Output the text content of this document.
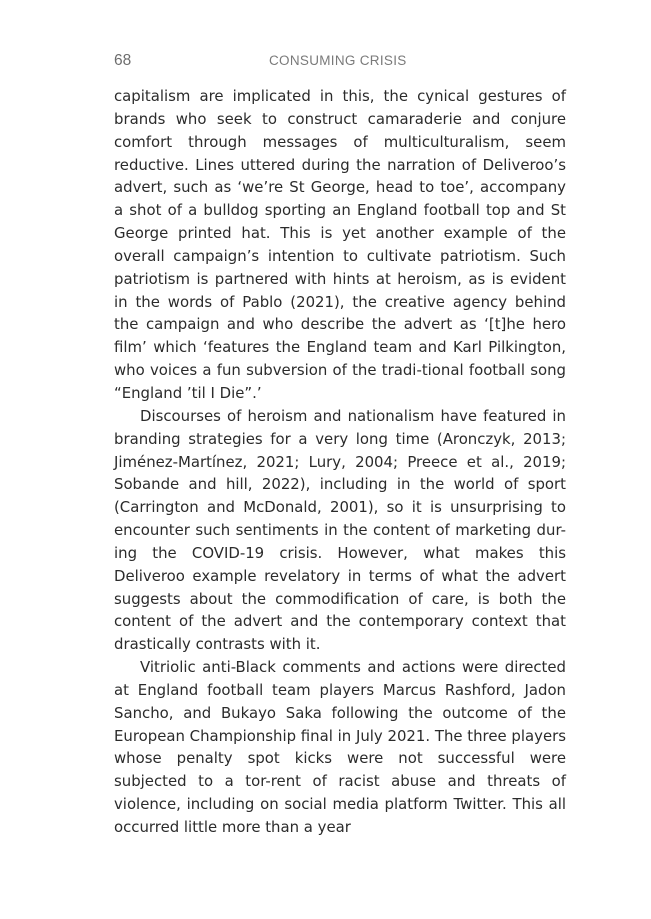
68	CONSUMING CRISIS

capitalism are implicated in this, the cynical gestures of brands who seek to construct camaraderie and conjure comfort through messages of multiculturalism, seem reductive. Lines uttered during the narration of Deliveroo’s advert, such as ‘we’re St George, head to toe’, accompany a shot of a bulldog sporting an England football top and St George printed hat. This is yet another example of the overall campaign’s intention to cultivate patriotism. Such patriotism is partnered with hints at heroism, as is evident in the words of Pablo (2021), the creative agency behind the campaign and who describe the advert as ‘[t]he hero film’ which ‘features the England team and Karl Pilkington, who voices a fun subversion of the tradi-tional football song “England ’til I Die”.’

Discourses of heroism and nationalism have featured in branding strategies for a very long time (Aronczyk, 2013; Jiménez-Martínez, 2021; Lury, 2004; Preece et al., 2019; Sobande and hill, 2022), including in the world of sport (Carrington and McDonald, 2001), so it is unsurprising to encounter such sentiments in the content of marketing dur-ing the COVID-19 crisis. However, what makes this Deliveroo example revelatory in terms of what the advert suggests about the commodification of care, is both the content of the advert and the contemporary context that drastically contrasts with it.

Vitriolic anti-Black comments and actions were directed at England football team players Marcus Rashford, Jadon Sancho, and Bukayo Saka following the outcome of the European Championship final in July 2021. The three players whose penalty spot kicks were not successful were subjected to a tor-rent of racist abuse and threats of violence, including on social media platform Twitter. This all occurred little more than a year
